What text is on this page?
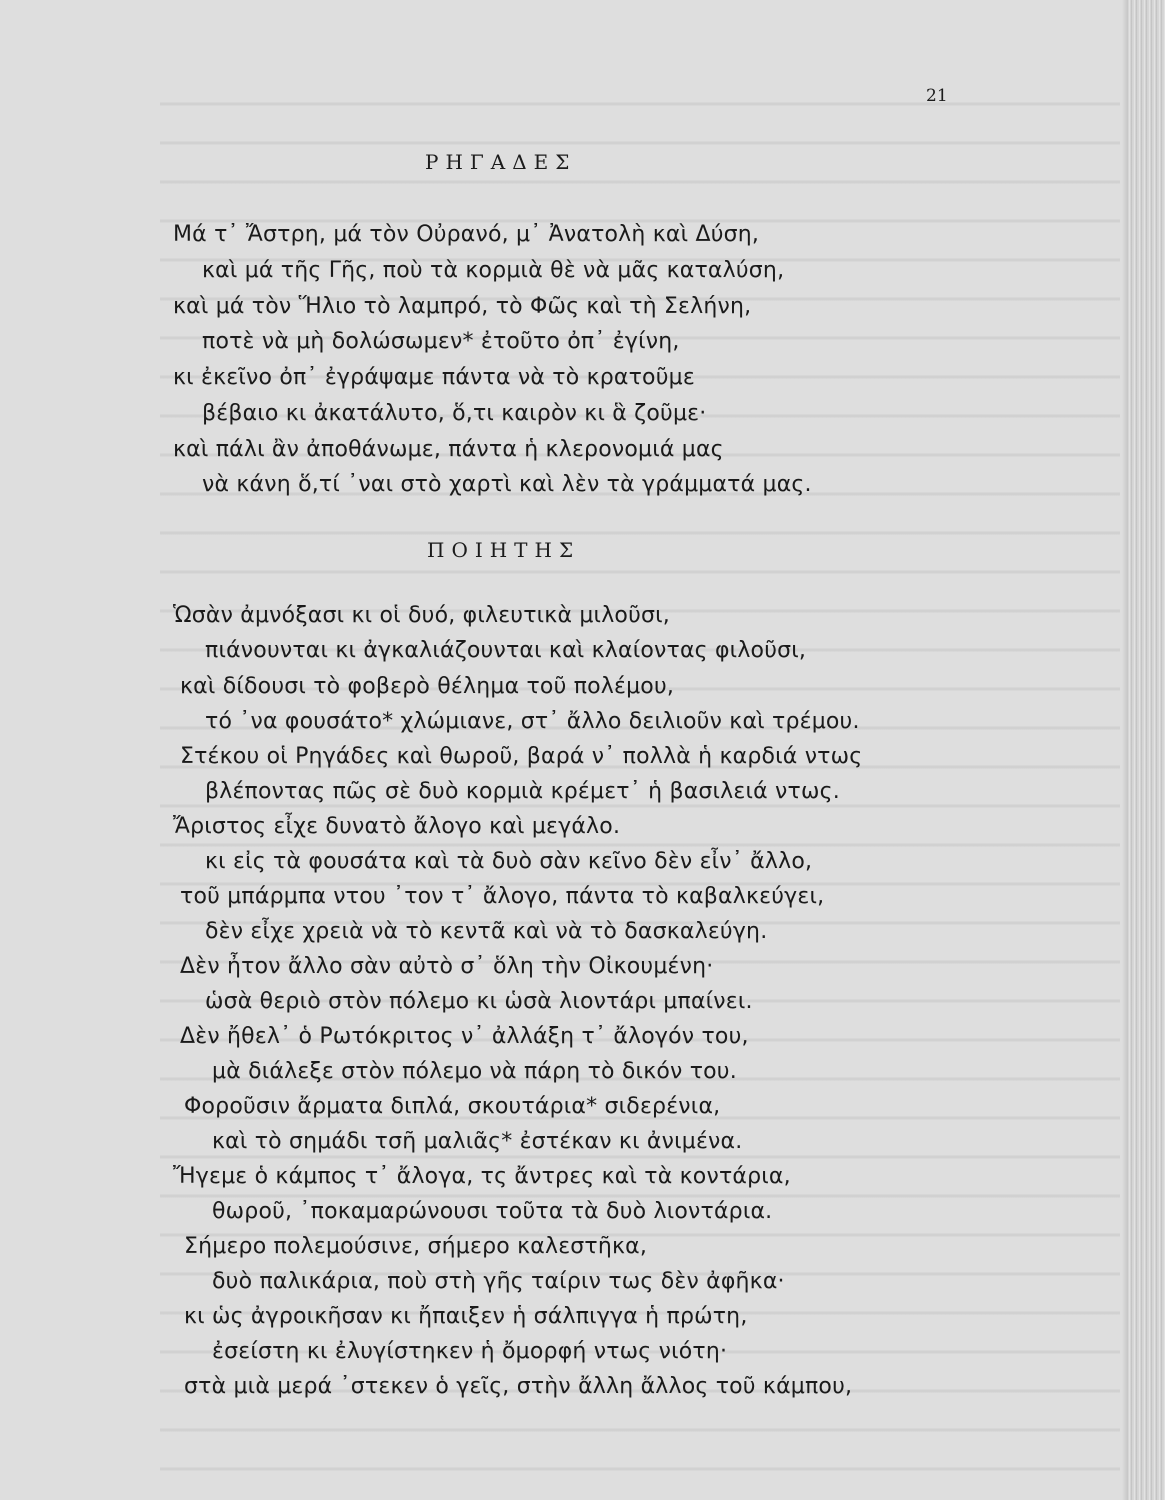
21
ΡΗΓΑΔΕΣ
Μά τ᾿ Ἄστρη, μά τὸν Οὐρανό, μ᾿ Ἀνατολὴ καὶ Δύση,
καὶ μά τῆς Γῆς, ποὺ τὰ κορμιὰ θὲ νὰ μᾶς καταλύση,
καὶ μά τὸν Ἥλιο τὸ λαμπρό, τὸ Φῶς καὶ τὴ Σελήνη,
ποτὲ νὰ μὴ δολώσωμεν* ἐτοῦτο ὀπ᾿ ἐγίνη,
κι ἐκεῖνο ὀπ᾿ ἐγράψαμε πάντα νὰ τὸ κρατοῦμε
βέβαιο κι ἀκατάλυτο, ὅ,τι καιρὸν κι ἃ ζοῦμε·
καὶ πάλι ἂν ἀποθάνωμε, πάντα ἡ κλερονομιά μας
νὰ κάνη ὅ,τί ᾿ναι στὸ χαρτὶ καὶ λὲν τὰ γράμματά μας.
ΠΟΙΗΤΗΣ
Ὡσὰν ἀμνόξασι κι οἱ δυό, φιλευτικὰ μιλοῦσι,
πιάνουνται κι ἀγκαλιάζουνται καὶ κλαίοντας φιλοῦσι,
καὶ δίδουσι τὸ φοβερὸ θέλημα τοῦ πολέμου,
τό ᾿να φουσάτο* χλώμιανε, στ᾿ ἄλλο δειλιοῦν καὶ τρέμου.
Στέκου οἱ Ρηγάδες καὶ θωροῦ, βαρά ν᾿ πολλὰ ἡ καρδιά ντως
βλέποντας πῶς σὲ δυὸ κορμιὰ κρέμετ᾿ ἡ βασιλειά ντως.
Ἄριστος εἶχε δυνατὸ ἄλογο καὶ μεγάλο.
κι εἰς τὰ φουσάτα καὶ τὰ δυὸ σὰν κεῖνο δὲν εἶν᾿ ἄλλο,
τοῦ μπάρμπα ντου ᾿τον τ᾿ ἄλογο, πάντα τὸ καβαλκεύγει,
δὲν εἶχε χρειὰ νὰ τὸ κεντᾶ καὶ νὰ τὸ δασκαλεύγη.
Δὲν ἦτον ἄλλο σὰν αὐτὸ σ᾿ ὅλη τὴν Οἰκουμένη·
ὡσὰ θεριὸ στὸν πόλεμο κι ὡσὰ λιοντάρι μπαίνει.
Δὲν ἤθελ᾿ ὁ Ρωτόκριτος ν᾿ ἀλλάξη τ᾿ ἄλογόν του,
μὰ διάλεξε στὸν πόλεμο νὰ πάρη τὸ δικόν του.
Φοροῦσιν ἄρματα διπλά, σκουτάρια* σιδερένια,
καὶ τὸ σημάδι τσῆ μαλιᾶς* ἐστέκαν κι ἀνιμένα.
Ἤγεμε ὁ κάμπος τ᾿ ἄλογα, τς ἄντρες καὶ τὰ κοντάρια,
θωροῦ, ᾿ποκαμαρώνουσι τοῦτα τὰ δυὸ λιοντάρια.
Σήμερο πολεμούσινε, σήμερο καλεστῆκα,
δυὸ παλικάρια, ποὺ στὴ γῆς ταίριν τως δὲν ἀφῆκα·
κι ὡς ἀγροικῆσαν κι ἤπαιξεν ἡ σάλπιγγα ἡ πρώτη,
ἐσείστη κι ἐλυγίστηκεν ἡ ὄμορφή ντως νιότη·
στὰ μιὰ μερά ᾿στεκεν ὁ γεῖς, στὴν ἄλλη ἄλλος τοῦ κάμπου,
